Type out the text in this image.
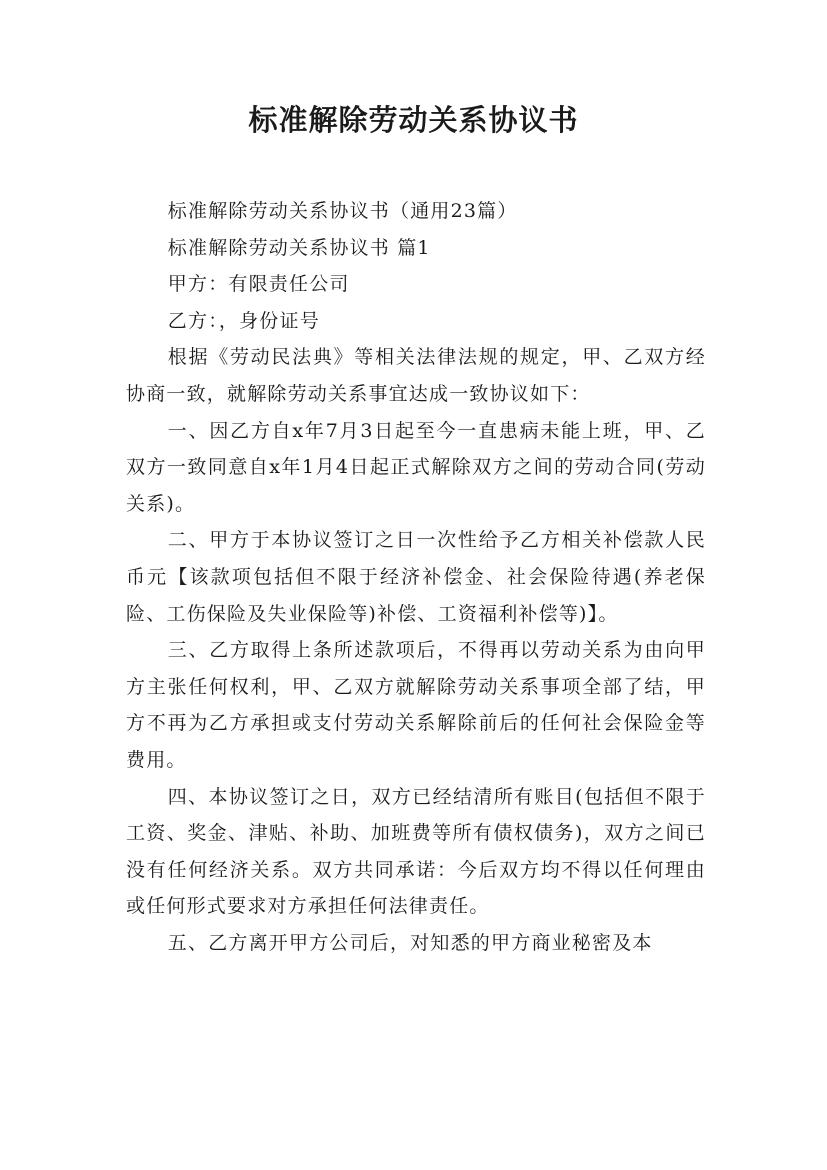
标准解除劳动关系协议书

标准解除劳动关系协议书（通用23篇）

标准解除劳动关系协议书 篇1

甲方：有限责任公司

乙方：，身份证号

根据《劳动民法典》等相关法律法规的规定，甲、乙双方经协商一致，就解除劳动关系事宜达成一致协议如下：

一、因乙方自x年7月3日起至今一直患病未能上班，甲、乙双方一致同意自x年1月4日起正式解除双方之间的劳动合同(劳动关系)。

二、甲方于本协议签订之日一次性给予乙方相关补偿款人民币元【该款项包括但不限于经济补偿金、社会保险待遇(养老保险、工伤保险及失业保险等)补偿、工资福利补偿等)】。

三、乙方取得上条所述款项后，不得再以劳动关系为由向甲方主张任何权利，甲、乙双方就解除劳动关系事项全部了结，甲方不再为乙方承担或支付劳动关系解除前后的任何社会保险金等费用。

四、本协议签订之日，双方已经结清所有账目(包括但不限于工资、奖金、津贴、补助、加班费等所有债权债务)，双方之间已没有任何经济关系。双方共同承诺：今后双方均不得以任何理由或任何形式要求对方承担任何法律责任。

五、乙方离开甲方公司后，对知悉的甲方商业秘密及本
